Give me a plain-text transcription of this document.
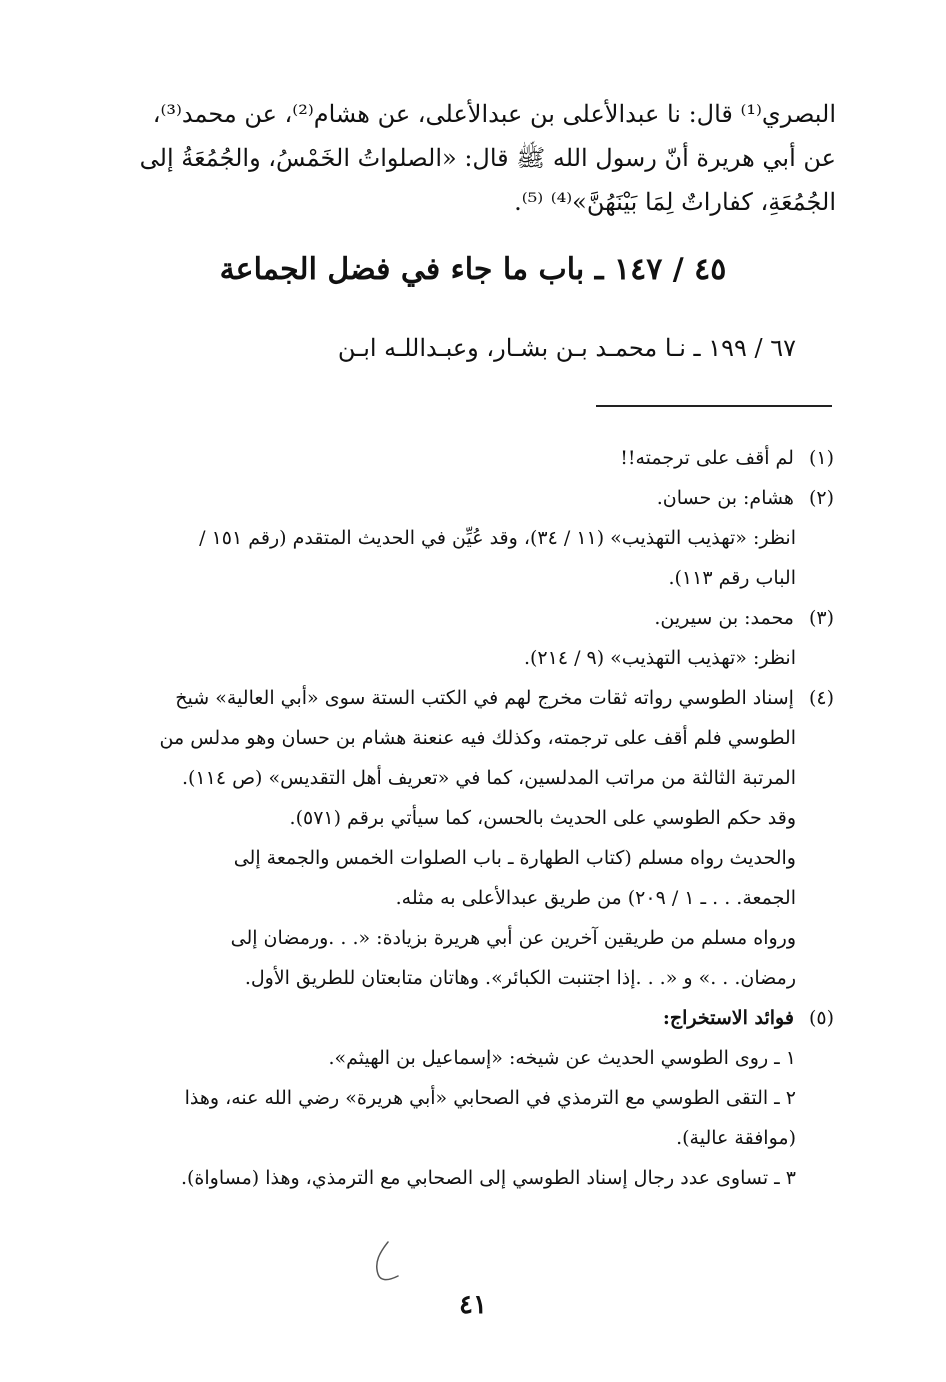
البصري⁽¹⁾ قال: نا عبدالأعلى بن عبدالأعلى، عن هشام⁽²⁾، عن محمد⁽³⁾،
عن أبي هريرة أنّ رسول الله ﷺ قال: «الصلواتُ الخَمْسُ، والجُمُعَةُ إلى
الجُمُعَةِ، كفاراتٌ لِمَا بَيْنَهُنَّ»⁽⁴⁾ ⁽⁵⁾.
٤٥ / ١٤٧ ـ باب ما جاء في فضل الجماعة
٦٧ / ١٩٩ ـ نـا محمـد بـن بشـار، وعبـداللـه ابـن
(١) لم أقف على ترجمته!!
(٢) هشام: بن حسان.
انظر: «تهذيب التهذيب» (١١ / ٣٤)، وقد عُيِّن في الحديث المتقدم (رقم ١٥١ /
الباب رقم ١١٣).
(٣) محمد: بن سيرين.
انظر: «تهذيب التهذيب» (٩ / ٢١٤).
(٤) إسناد الطوسي رواته ثقات مخرج لهم في الكتب الستة سوى «أبي العالية» شيخ
الطوسي فلم أقف على ترجمته، وكذلك فيه عنعنة هشام بن حسان وهو مدلس من
المرتبة الثالثة من مراتب المدلسين، كما في «تعريف أهل التقديس» (ص ١١٤).
وقد حكم الطوسي على الحديث بالحسن، كما سيأتي برقم (٥٧١).
والحديث رواه مسلم (كتاب الطهارة ـ باب الصلوات الخمس والجمعة إلى
الجمعة. . . ـ ١ / ٢٠٩) من طريق عبدالأعلى به مثله.
ورواه مسلم من طريقين آخرين عن أبي هريرة بزيادة: «. . .ورمضان إلى
رمضان. . .» و «. . .إذا اجتنبت الكبائر». وهاتان متابعتان للطريق الأول.
(٥) فوائد الاستخراج:
١ ـ روى الطوسي الحديث عن شيخه: «إسماعيل بن الهيثم».
٢ ـ التقى الطوسي مع الترمذي في الصحابي «أبي هريرة» رضي الله عنه، وهذا
(موافقة عالية).
٣ ـ تساوى عدد رجال إسناد الطوسي إلى الصحابي مع الترمذي، وهذا (مساواة).
٤١
